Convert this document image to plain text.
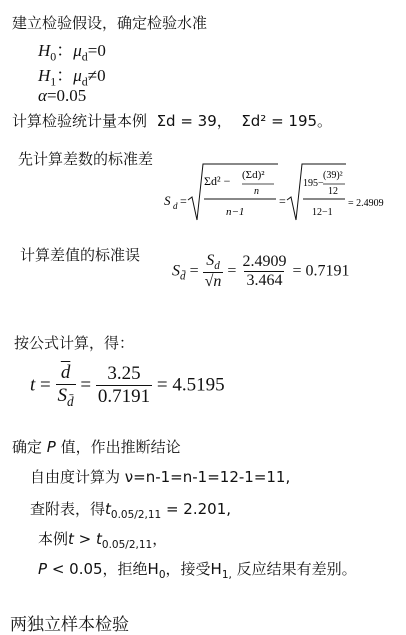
建立检验假设，确定检验水准
$H_0$：$\mu_d=0$
$H_1$：$\mu_d\ne 0$
α=0.05
计算检验统计量本例 Σd = 39， Σd² = 195。
先计算差数的标准差
S d =
Σd² − (Σd)²
n
n−1
=
195−
(39)²
12
12−1
= 2.4909
计算差值的标准误
$S_{d̄} = \frac{S_d}{√n} = \frac{2.4909}{3.464} = 0.7191$
按公式计算，得：
$t = \frac{\overline{d}}{S_{d̄}} = \frac{3.25}{0.7191} = 4.5195$
确定 P 值，作出推断结论
自由度计算为 ν=n-1=n-1=12-1=11,
查附表，得$t_{0.05/2,11} = 2.201$,
本例$t > t_{0.05/2,11}$，
P < 0.05，拒绝$H_0$，接受$H_{1,}$ 反应结果有差别。
两独立样本检验
